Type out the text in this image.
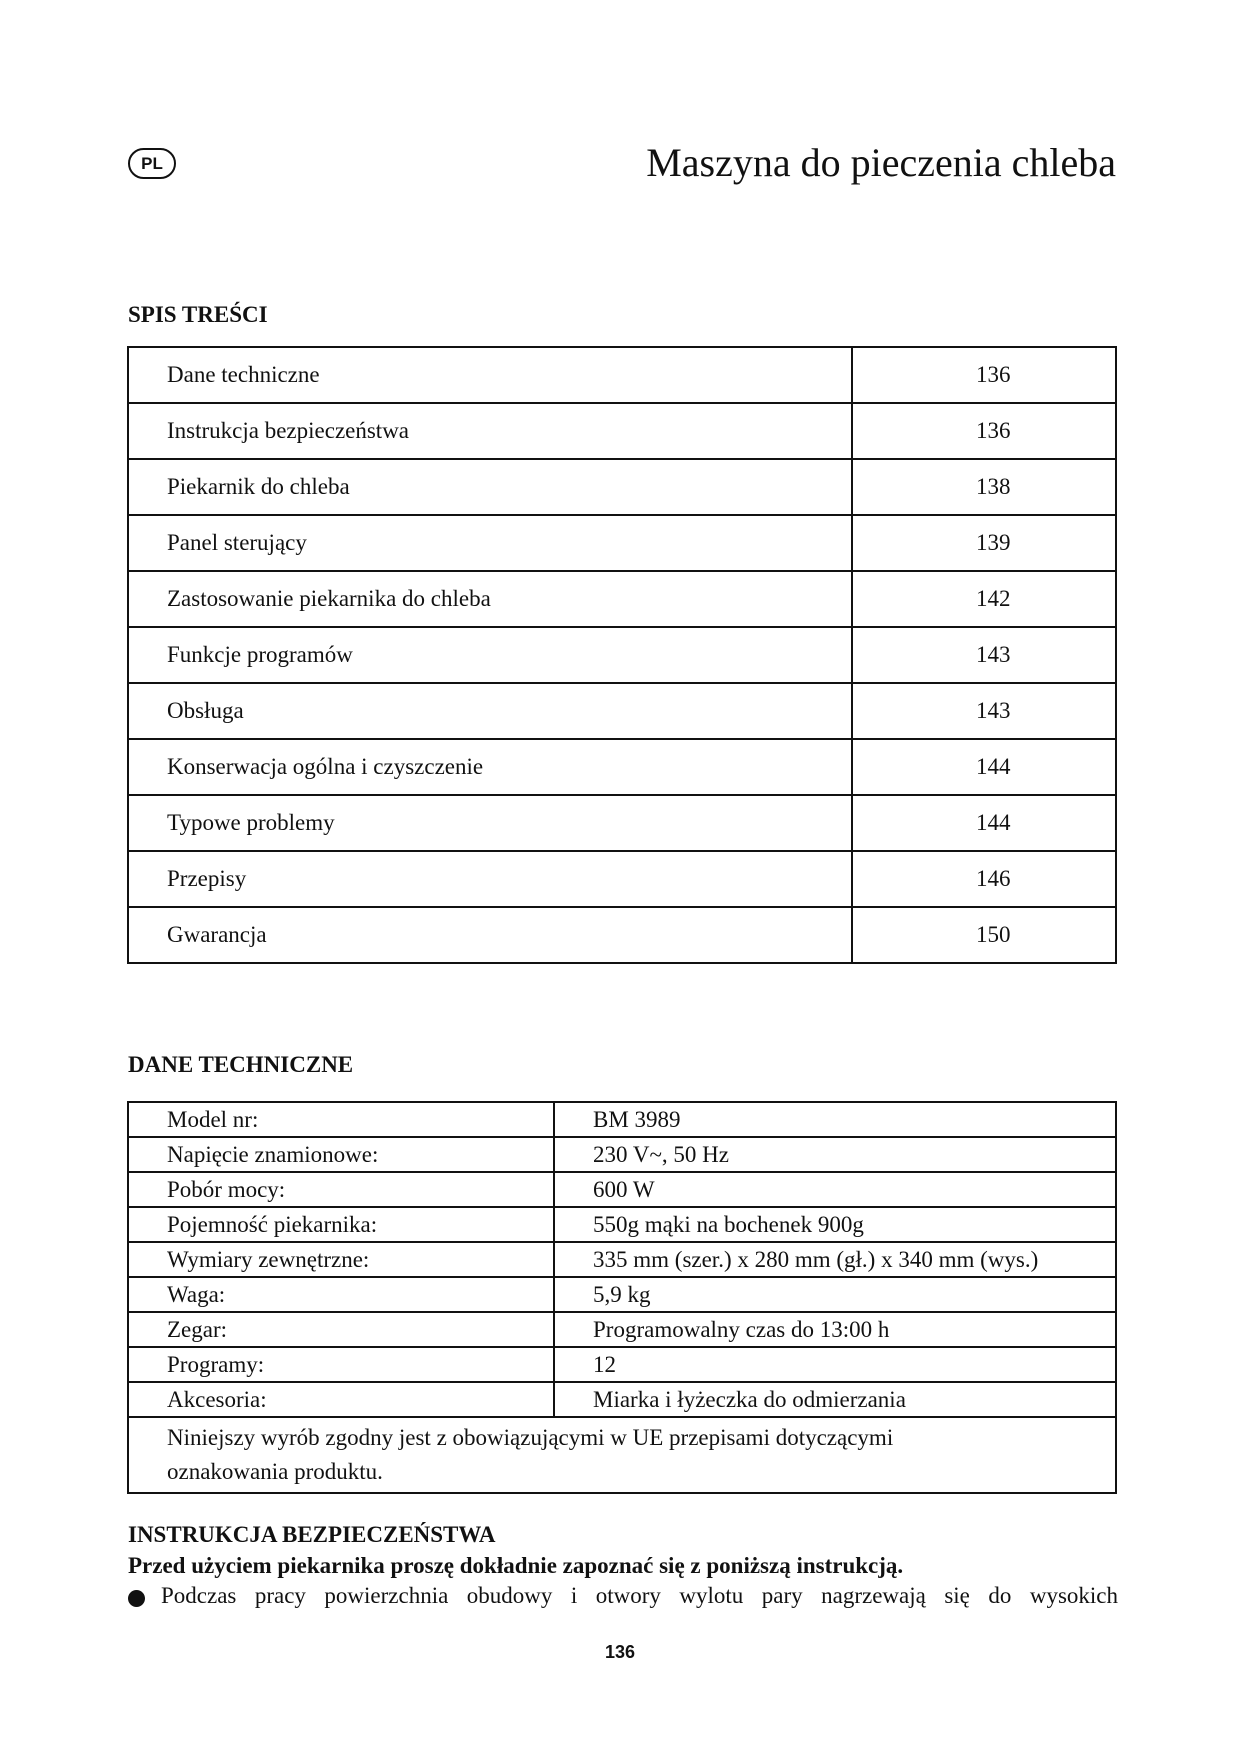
PL	Maszyna do pieczenia chleba
SPIS TREŚCI
Dane techniczne	136
Instrukcja bezpieczeństwa	136
Piekarnik do chleba	138
Panel sterujący	139
Zastosowanie piekarnika do chleba	142
Funkcje programów	143
Obsługa	143
Konserwacja ogólna i czyszczenie	144
Typowe problemy	144
Przepisy	146
Gwarancja	150
DANE TECHNICZNE
Model nr:	BM 3989
Napięcie znamionowe:	230 V~, 50 Hz
Pobór mocy:	600 W
Pojemność piekarnika:	550g mąki na bochenek 900g
Wymiary zewnętrzne:	335 mm (szer.) x 280 mm (gł.) x 340 mm (wys.)
Waga:	5,9 kg
Zegar:	Programowalny czas do 13:00 h
Programy:	12
Akcesoria:	Miarka i łyżeczka do odmierzania

Niniejszy wyrób zgodny jest z obowiązującymi w UE przepisami dotyczącymi
oznakowania produktu.	
INSTRUKCJA BEZPIECZEŃSTWA
Przed użyciem piekarnika proszę dokładnie zapoznać się z poniższą instrukcją.
Podczas pracy powierzchnia obudowy i otwory wylotu pary nagrzewają się do wysokich
136
